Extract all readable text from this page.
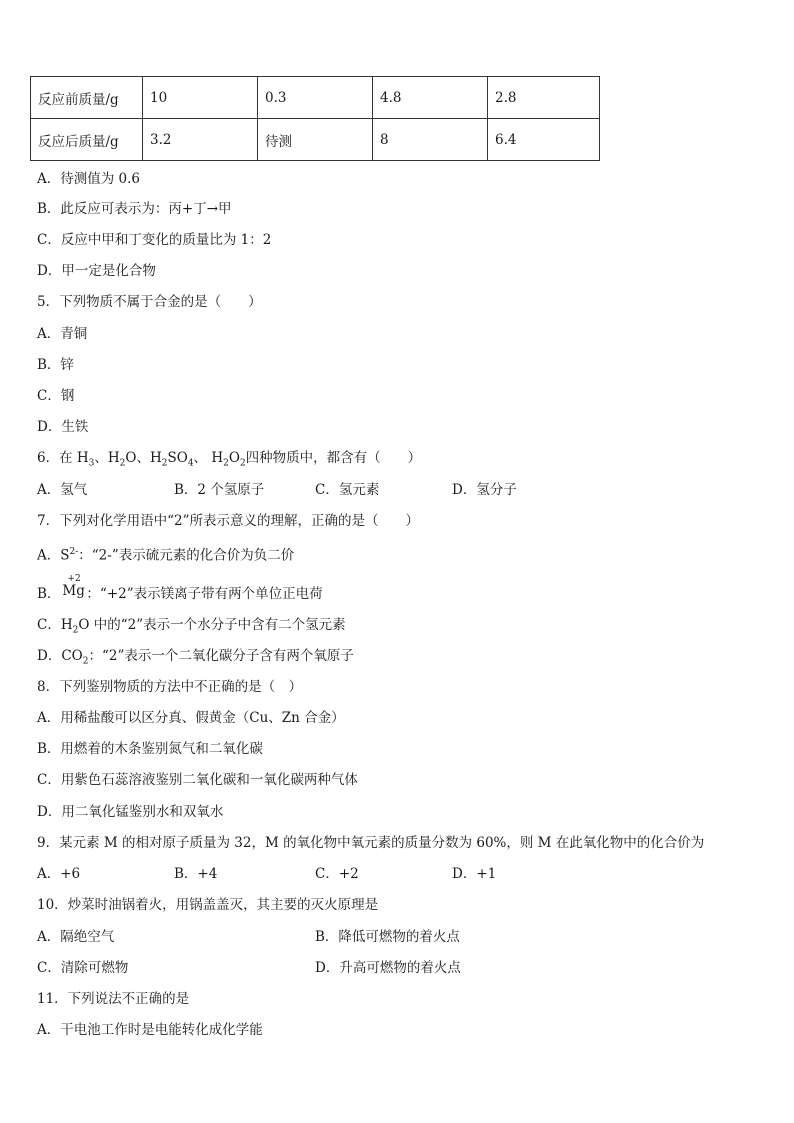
反应前质量/g	10	0.3	4.8	2.8
反应后质量/g	3.2	待测	8	6.4
A．待测值为 0.6
B．此反应可表示为：丙+丁→甲
C．反应中甲和丁变化的质量比为 1：2
D．甲一定是化合物
5．下列物质不属于合金的是（　　）
A．青铜
B．锌
C．钢
D．生铁
6．在 $H_3$、$H_2O$、$H_2SO_4$、 $H_2O_2$四种物质中，都含有（　　）
A．氢气	B．2 个氢原子	C．氢元素	D．氢分子
7．下列对化学用语中“2”所表示意义的理解，正确的是（　　）
A．$S^{2-}$：“2-”表示硫元素的化合价为负二价
B．
+2
Mg ：“+2”表示镁离子带有两个单位正电荷
C．$H_2O$ 中的“2”表示一个水分子中含有二个氢元素
D．$CO_2$：“2”表示一个二氧化碳分子含有两个氧原子
8．下列鉴别物质的方法中不正确的是（　）
A．用稀盐酸可以区分真、假黄金（Cu、Zn 合金）
B．用燃着的木条鉴别氮气和二氧化碳
C．用紫色石蕊溶液鉴别二氧化碳和一氧化碳两种气体
D．用二氧化锰鉴别水和双氧水
9．某元素 M 的相对原子质量为 32，M 的氧化物中氧元素的质量分数为 60%，则 M 在此氧化物中的化合价为
A．+6	B．+4	C．+2	D．+1
10．炒菜时油锅着火，用锅盖盖灭，其主要的灭火原理是
A．隔绝空气	B．降低可燃物的着火点
C．清除可燃物	D．升高可燃物的着火点
11．下列说法不正确的是
A．干电池工作时是电能转化成化学能
